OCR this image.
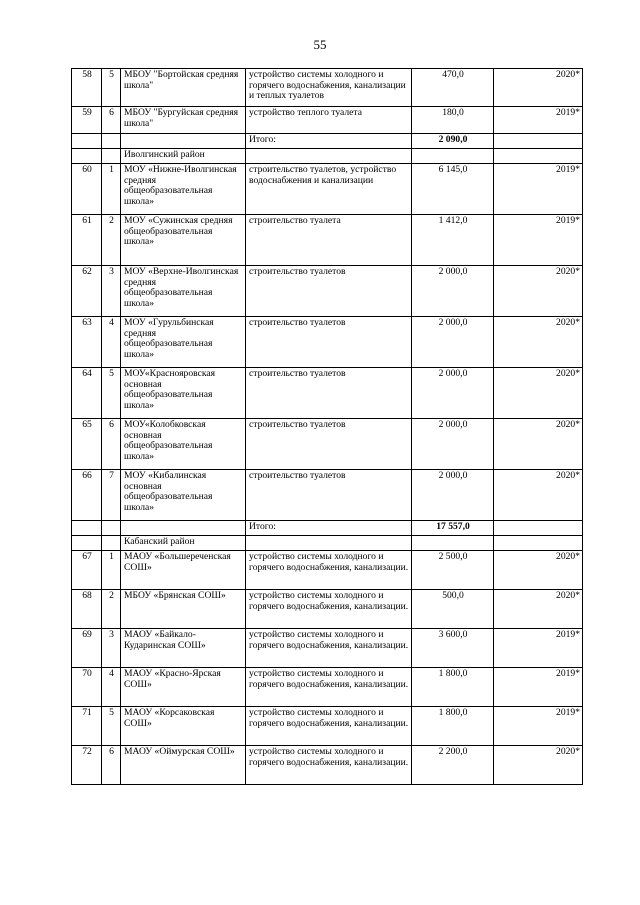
55
58	5	МБОУ "Бортойская средняя школа"	устройство системы холодного и горячего водоснабжения, канализации и теплых туалетов	470,0	2020*
59	6	МБОУ "Бургуйская средняя школа"	устройство теплого туалета	180,0	2019*
			Итого:	2 090,0	
		Иволгинский район			
60	1	МОУ «Нижне-Иволгинская средняя общеобразовательная школа»	строительство туалетов, устройство водоснабжения и канализации	6 145,0	2019*
61	2	МОУ «Сужинская средняя общеобразовательная школа»	строительство туалета	1 412,0	2019*
62	3	МОУ «Верхне-Иволгинская средняя общеобразовательная школа»	строительство туалетов	2 000,0	2020*
63	4	МОУ «Гурульбинская средняя общеобразовательная школа»	строительство туалетов	2 000,0	2020*
64	5	МОУ«Краснояровская основная общеобразовательная школа»	строительство туалетов	2 000,0	2020*
65	6	МОУ«Колобковская основная общеобразовательная школа»	строительство туалетов	2 000,0	2020*
66	7	МОУ «Кибалинская основная общеобразовательная школа»	строительство туалетов	2 000,0	2020*
			Итого:	17 557,0	
		Кабанский район			
67	1	МАОУ «Большереченская СОШ»	устройство системы холодного и горячего водоснабжения, канализации.	2 500,0	2020*
68	2	МБОУ «Брянская СОШ»	устройство системы холодного и горячего водоснабжения, канализации.	500,0	2020*
69	3	МАОУ «Байкало-Кударинская СОШ»	устройство системы холодного и горячего водоснабжения, канализации.	3 600,0	2019*
70	4	МАОУ «Красно-Ярская СОШ»	устройство системы холодного и горячего водоснабжения, канализации.	1 800,0	2019*
71	5	МАОУ «Корсаковская СОШ»	устройство системы холодного и горячего водоснабжения, канализации.	1 800,0	2019*
72	6	МАОУ «Оймурская СОШ»	устройство системы холодного и горячего водоснабжения, канализации.	2 200,0	2020*
